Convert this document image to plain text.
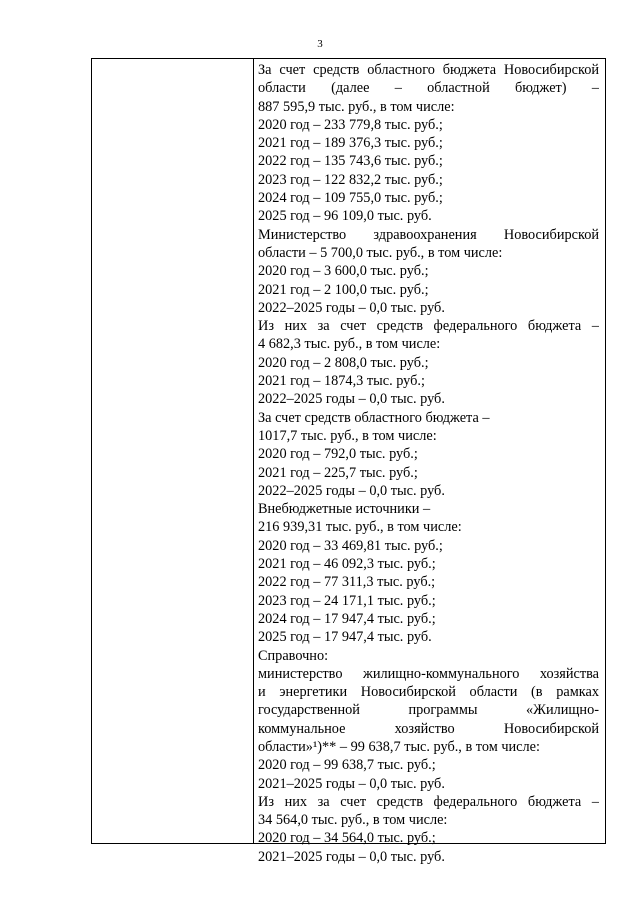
3
За счет средств областного бюджета Новосибирской
области (далее – областной бюджет) –
887 595,9 тыс. руб., в том числе:
2020 год – 233 779,8 тыс. руб.;
2021 год – 189 376,3 тыс. руб.;
2022 год – 135 743,6 тыс. руб.;
2023 год – 122 832,2 тыс. руб.;
2024 год – 109 755,0 тыс. руб.;
2025 год – 96 109,0 тыс. руб.
Министерство здравоохранения Новосибирской
области – 5 700,0 тыс. руб., в том числе:
2020 год – 3 600,0 тыс. руб.;
2021 год – 2 100,0 тыс. руб.;
2022–2025 годы – 0,0 тыс. руб.
Из них за счет средств федерального бюджета –
4 682,3 тыс. руб., в том числе:
2020 год – 2 808,0 тыс. руб.;
2021 год – 1874,3 тыс. руб.;
2022–2025 годы – 0,0 тыс. руб.
За счет средств областного бюджета –
1017,7 тыс. руб., в том числе:
2020 год – 792,0 тыс. руб.;
2021 год – 225,7 тыс. руб.;
2022–2025 годы – 0,0 тыс. руб.
Внебюджетные источники –
216 939,31 тыс. руб., в том числе:
2020 год – 33 469,81 тыс. руб.;
2021 год – 46 092,3 тыс. руб.;
2022 год – 77 311,3 тыс. руб.;
2023 год – 24 171,1 тыс. руб.;
2024 год – 17 947,4 тыс. руб.;
2025 год – 17 947,4 тыс. руб.
Справочно:
министерство жилищно-коммунального хозяйства
и энергетики Новосибирской области (в рамках
государственной программы «Жилищно-
коммунальное хозяйство Новосибирской
области»¹)** – 99 638,7 тыс. руб., в том числе:
2020 год – 99 638,7 тыс. руб.;
2021–2025 годы – 0,0 тыс. руб.
Из них за счет средств федерального бюджета –
34 564,0 тыс. руб., в том числе:
2020 год – 34 564,0 тыс. руб.;
2021–2025 годы – 0,0 тыс. руб.
